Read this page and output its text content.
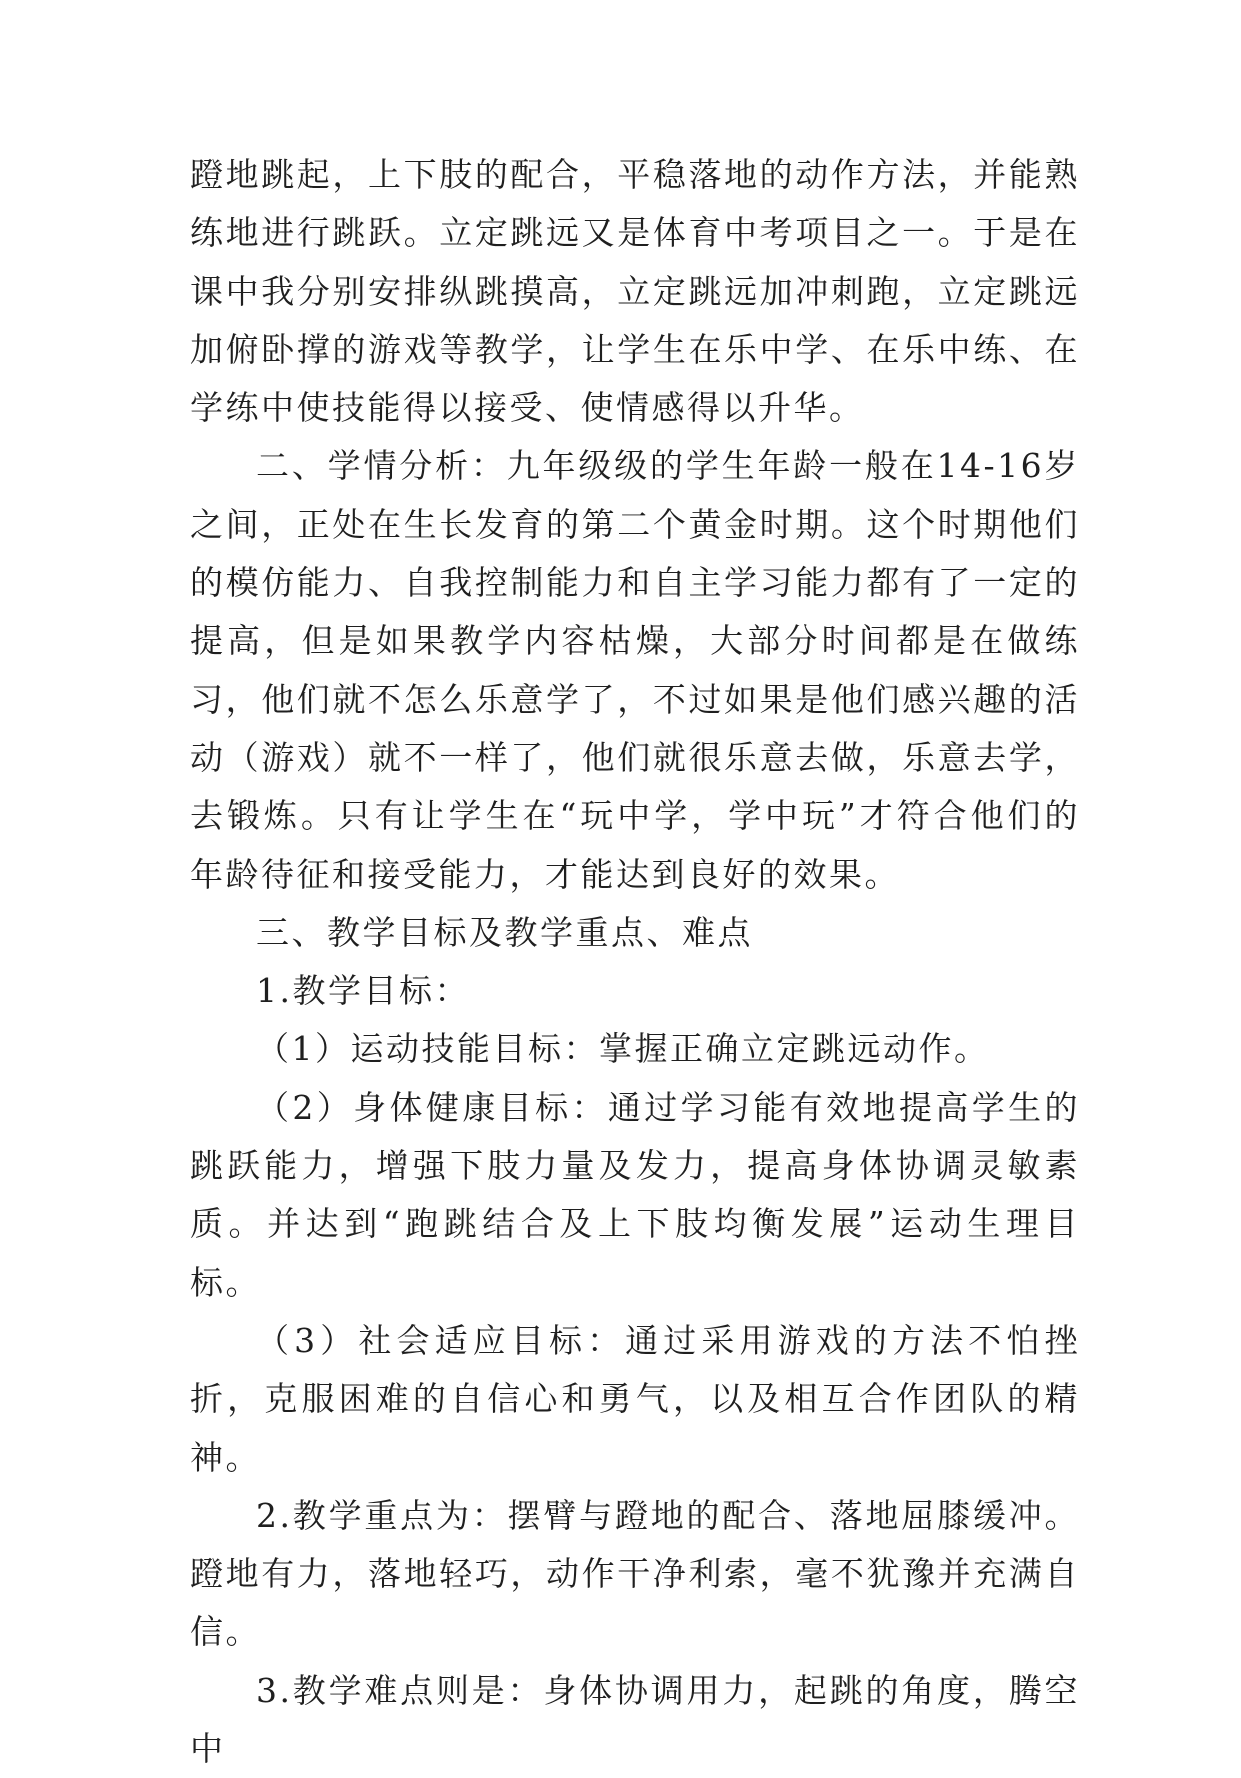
蹬地跳起，上下肢的配合，平稳落地的动作方法，并能熟练地进行跳跃。立定跳远又是体育中考项目之一。于是在课中我分别安排纵跳摸高，立定跳远加冲刺跑，立定跳远加俯卧撑的游戏等教学，让学生在乐中学、在乐中练、在学练中使技能得以接受、使情感得以升华。

二、学情分析：九年级级的学生年龄一般在14-16岁之间，正处在生长发育的第二个黄金时期。这个时期他们的模仿能力、自我控制能力和自主学习能力都有了一定的提高，但是如果教学内容枯燥，大部分时间都是在做练习，他们就不怎么乐意学了，不过如果是他们感兴趣的活动（游戏）就不一样了，他们就很乐意去做，乐意去学，去锻炼。只有让学生在“玩中学，学中玩”才符合他们的年龄待征和接受能力，才能达到良好的效果。

三、教学目标及教学重点、难点

1.教学目标：

（1）运动技能目标：掌握正确立定跳远动作。

（2）身体健康目标：通过学习能有效地提高学生的跳跃能力，增强下肢力量及发力，提高身体协调灵敏素质。并达到“跑跳结合及上下肢均衡发展”运动生理目标。

（3）社会适应目标：通过采用游戏的方法不怕挫折，克服困难的自信心和勇气，以及相互合作团队的精神。

2.教学重点为：摆臂与蹬地的配合、落地屈膝缓冲。蹬地有力，落地轻巧，动作干净利索，毫不犹豫并充满自信。

3.教学难点则是：身体协调用力，起跳的角度，腾空中
